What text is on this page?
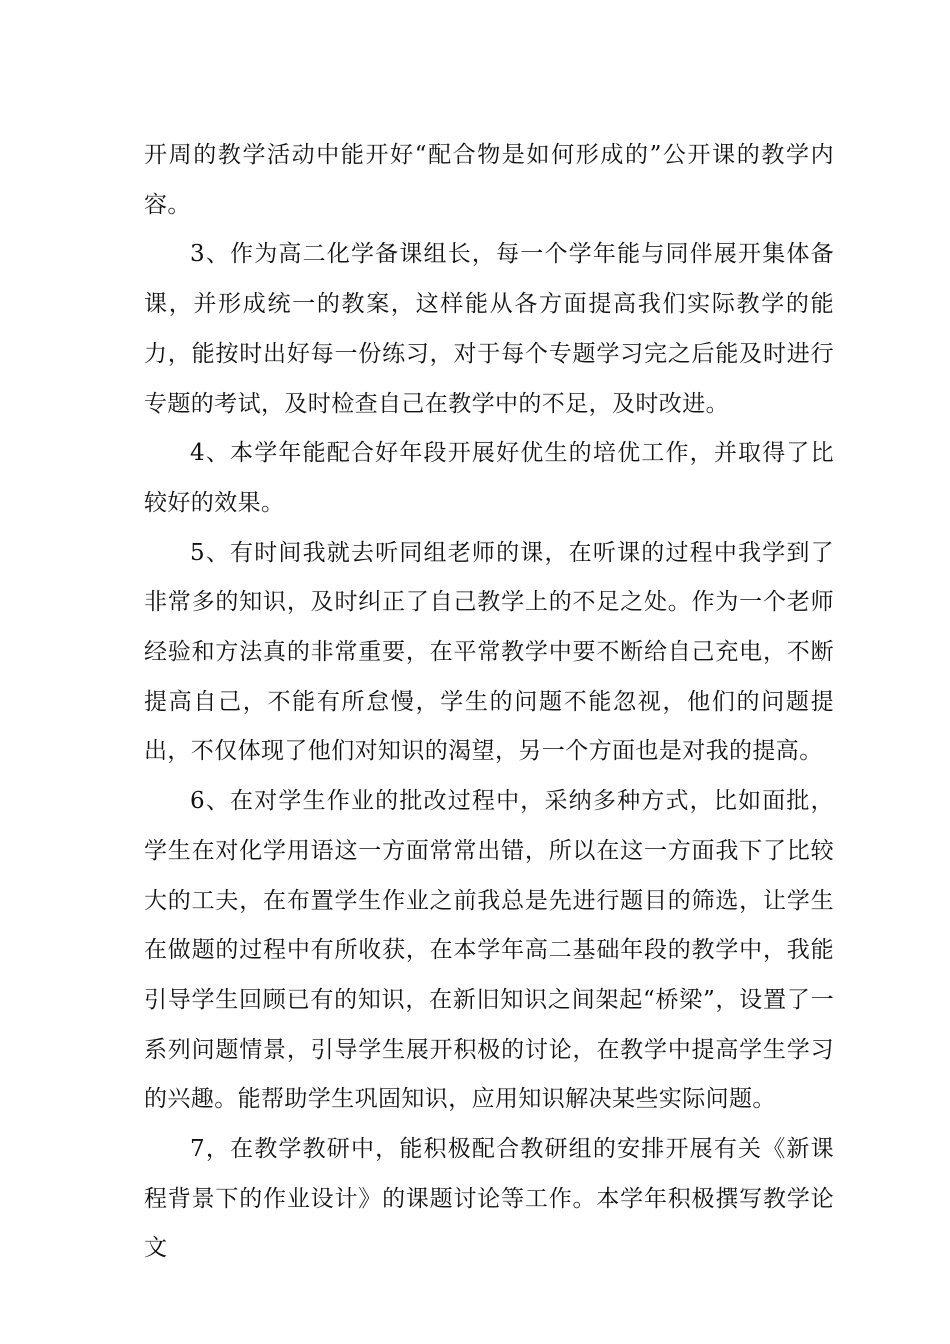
开周的教学活动中能开好“配合物是如何形成的”公开课的教学内容。

3、作为高二化学备课组长，每一个学年能与同伴展开集体备课，并形成统一的教案，这样能从各方面提高我们实际教学的能力，能按时出好每一份练习，对于每个专题学习完之后能及时进行专题的考试，及时检查自己在教学中的不足，及时改进。

4、本学年能配合好年段开展好优生的培优工作，并取得了比较好的效果。

5、有时间我就去听同组老师的课，在听课的过程中我学到了非常多的知识，及时纠正了自己教学上的不足之处。作为一个老师经验和方法真的非常重要，在平常教学中要不断给自己充电，不断提高自己，不能有所怠慢，学生的问题不能忽视，他们的问题提出，不仅体现了他们对知识的渴望，另一个方面也是对我的提高。

6、在对学生作业的批改过程中，采纳多种方式，比如面批，学生在对化学用语这一方面常常出错，所以在这一方面我下了比较大的工夫，在布置学生作业之前我总是先进行题目的筛选，让学生在做题的过程中有所收获，在本学年高二基础年段的教学中，我能引导学生回顾已有的知识，在新旧知识之间架起“桥梁”，设置了一系列问题情景，引导学生展开积极的讨论，在教学中提高学生学习的兴趣。能帮助学生巩固知识，应用知识解决某些实际问题。

7，在教学教研中，能积极配合教研组的安排开展有关《新课程背景下的作业设计》的课题讨论等工作。本学年积极撰写教学论文
